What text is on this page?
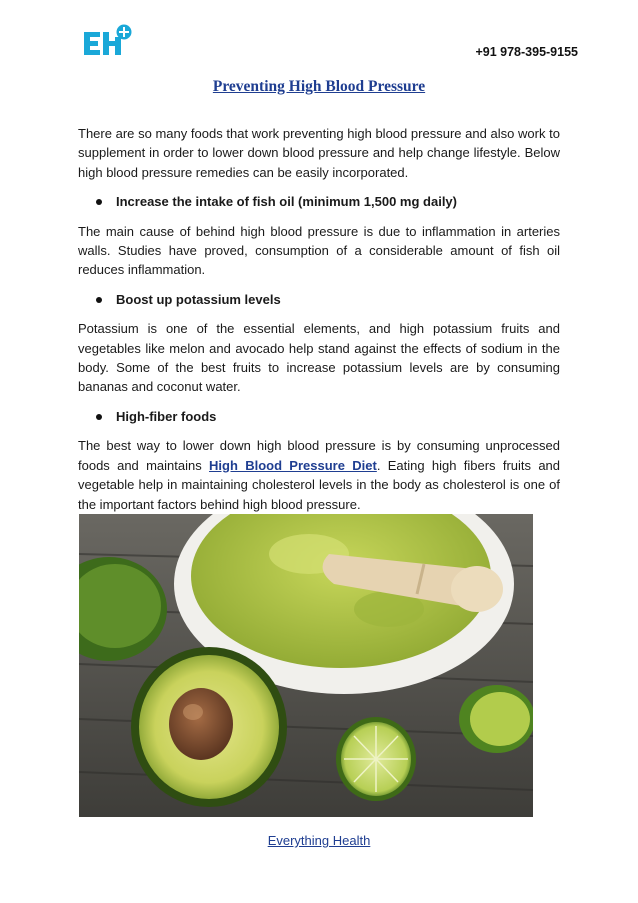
+91 978-395-9155
Preventing High Blood Pressure

There are so many foods that work preventing high blood pressure and also work to supplement in order to lower down blood pressure and help change lifestyle. Below high blood pressure remedies can be easily incorporated.

Increase the intake of fish oil (minimum 1,500 mg daily)

The main cause of behind high blood pressure is due to inflammation in arteries walls. Studies have proved, consumption of a considerable amount of fish oil reduces inflammation.

Boost up potassium levels

Potassium is one of the essential elements, and high potassium fruits and vegetables like melon and avocado help stand against the effects of sodium in the body. Some of the best fruits to increase potassium levels are by consuming bananas and coconut water.

High-fiber foods

The best way to lower down high blood pressure is by consuming unprocessed foods and maintains High Blood Pressure Diet. Eating high fibers fruits and vegetable help in maintaining cholesterol levels in the body as cholesterol is one of the important factors behind high blood pressure.

Everything Health
